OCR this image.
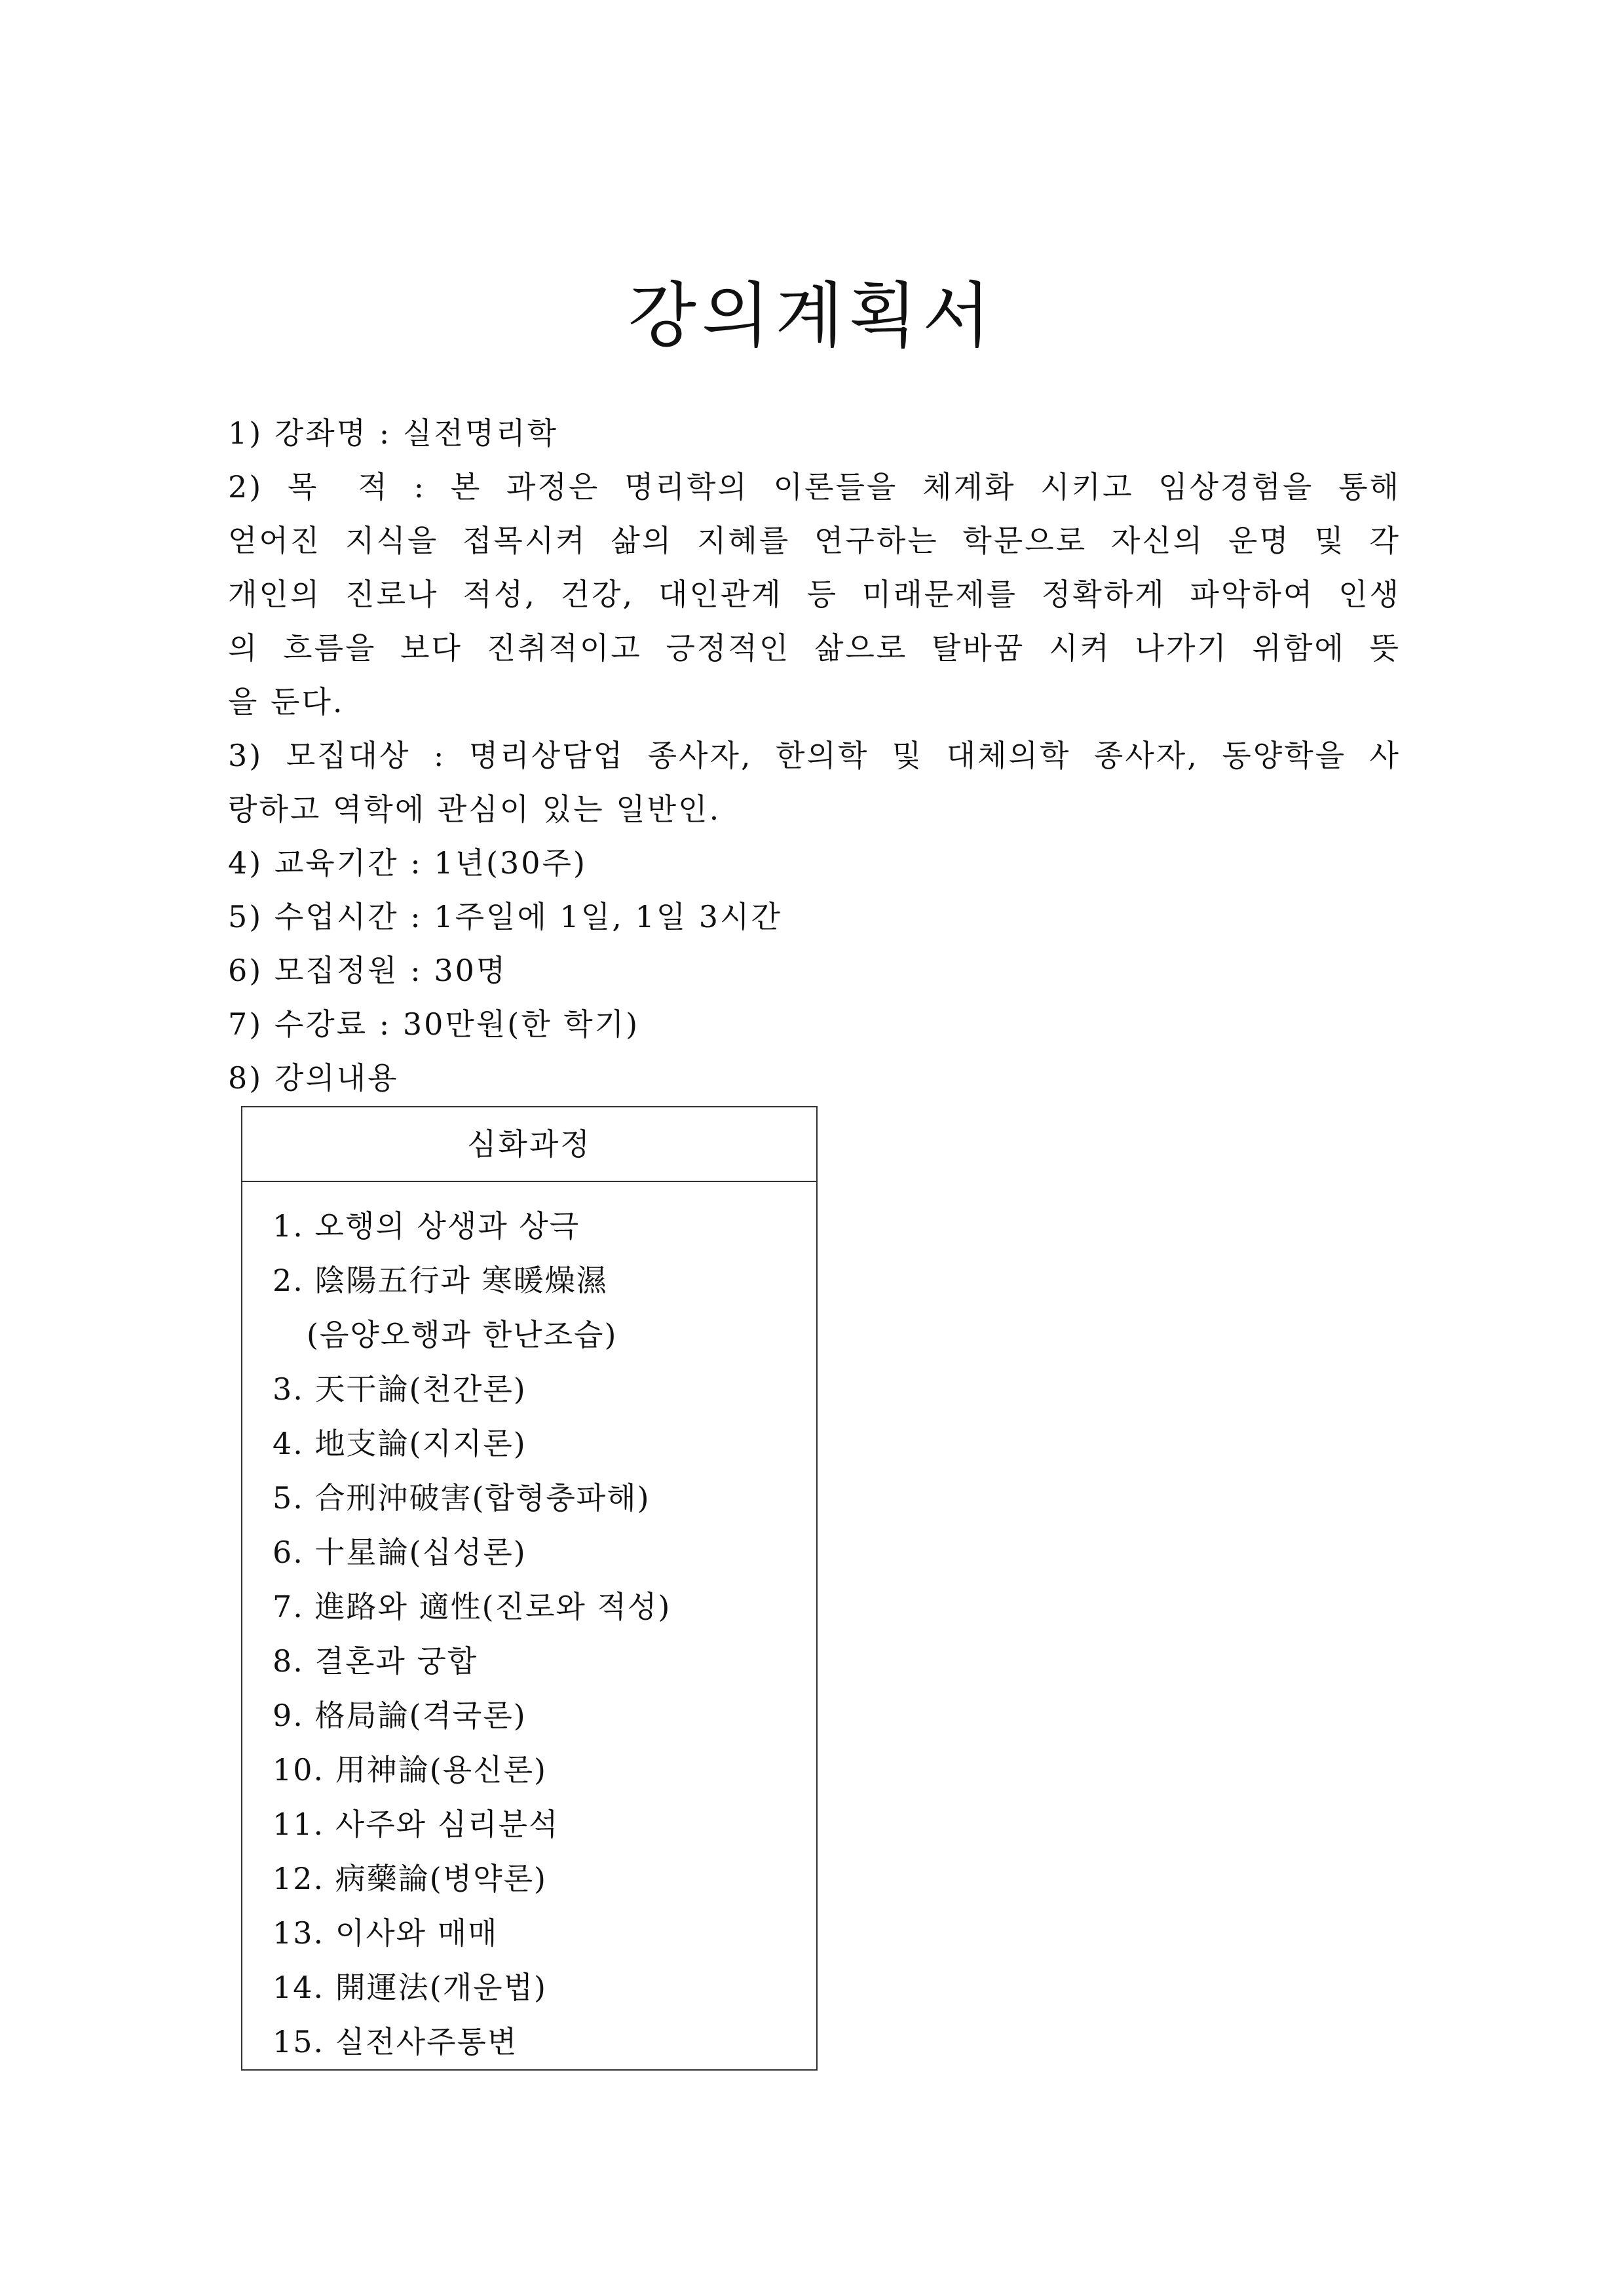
강의계획서
1) 강좌명 : 실전명리학
2) 목 적 : 본 과정은 명리학의 이론들을 체계화 시키고 임상경험을 통해
얻어진 지식을 접목시켜 삶의 지혜를 연구하는 학문으로 자신의 운명 및 각
개인의 진로나 적성, 건강, 대인관계 등 미래문제를 정확하게 파악하여 인생
의 흐름을 보다 진취적이고 긍정적인 삶으로 탈바꿈 시켜 나가기 위함에 뜻
을 둔다.
3) 모집대상 : 명리상담업 종사자, 한의학 및 대체의학 종사자, 동양학을 사
랑하고 역학에 관심이 있는 일반인.
4) 교육기간 : 1년(30주)
5) 수업시간 : 1주일에 1일, 1일 3시간
6) 모집정원 : 30명
7) 수강료 : 30만원(한 학기)
8) 강의내용
심화과정
1. 오행의 상생과 상극
2. 陰陽五行과 寒暖燥濕
(음양오행과 한난조습)
3. 天干論(천간론)
4. 地支論(지지론)
5. 合刑沖破害(합형충파해)
6. 十星論(십성론)
7. 進路와 適性(진로와 적성)
8. 결혼과 궁합
9. 格局論(격국론)
10. 用神論(용신론)
11. 사주와 심리분석
12. 病藥論(병약론)
13. 이사와 매매
14. 開運法(개운법)
15. 실전사주통변
